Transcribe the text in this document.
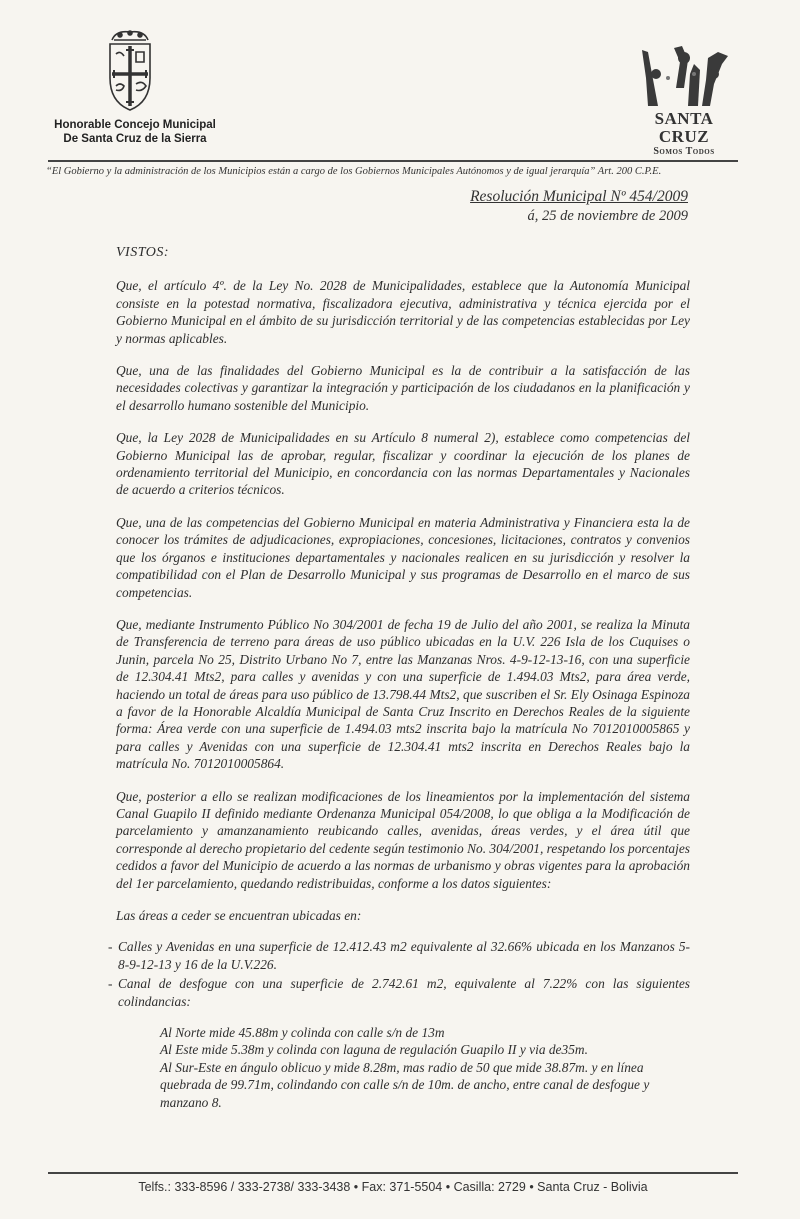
Honorable Concejo Municipal
De Santa Cruz de la Sierra
SANTA CRUZ
Somos Todos
“El Gobierno y la administración de los Municipios están a cargo de los Gobiernos Municipales Autónomos y de igual jerarquía” Art. 200 C.P.E.
Resolución Municipal Nº 454/2009
á, 25 de noviembre de 2009
VISTOS:

Que, el artículo 4º. de la Ley No. 2028 de Municipalidades, establece que la Autonomía Municipal consiste en la potestad normativa, fiscalizadora ejecutiva, administrativa y técnica ejercida por el Gobierno Municipal en el ámbito de su jurisdicción territorial y de las competencias establecidas por Ley y normas aplicables.

Que, una de las finalidades del Gobierno Municipal es la de contribuir a la satisfacción de las necesidades colectivas y garantizar la integración y participación de los ciudadanos en la planificación y el desarrollo humano sostenible del Municipio.

Que, la Ley 2028 de Municipalidades en su Artículo 8 numeral 2), establece como competencias del Gobierno Municipal las de aprobar, regular, fiscalizar y coordinar la ejecución de los planes de ordenamiento territorial del Municipio, en concordancia con las normas Departamentales y Nacionales de acuerdo a criterios técnicos.

Que, una de las competencias del Gobierno Municipal en materia Administrativa y Financiera esta la de conocer los trámites de adjudicaciones, expropiaciones, concesiones, licitaciones, contratos y convenios que los órganos e instituciones departamentales y nacionales realicen en su jurisdicción y resolver la compatibilidad con el Plan de Desarrollo Municipal y sus programas de Desarrollo en el marco de sus competencias.

Que, mediante Instrumento Público No 304/2001 de fecha 19 de Julio del año 2001, se realiza la Minuta de Transferencia de terreno para áreas de uso público ubicadas en la U.V. 226 Isla de los Cuquises o Junin, parcela No 25, Distrito Urbano No 7, entre las Manzanas Nros. 4-9-12-13-16, con una superficie de 12.304.41 Mts2, para calles y avenidas y con una superficie de 1.494.03 Mts2, para área verde, haciendo un total de áreas para uso público de 13.798.44 Mts2, que suscriben el Sr. Ely Osinaga Espinoza a favor de la Honorable Alcaldía Municipal de Santa Cruz Inscrito en Derechos Reales de la siguiente forma: Área verde con una superficie de 1.494.03 mts2 inscrita bajo la matrícula No 7012010005865 y para calles y Avenidas con una superficie de 12.304.41 mts2 inscrita en Derechos Reales bajo la matrícula No. 7012010005864.

Que, posterior a ello se realizan modificaciones de los lineamientos por la implementación del sistema Canal Guapilo II definido mediante Ordenanza Municipal 054/2008, lo que obliga a la Modificación de parcelamiento y amanzanamiento reubicando calles, avenidas, áreas verdes, y el área útil que corresponde al derecho propietario del cedente según testimonio No. 304/2001, respetando los porcentajes cedidos a favor del Municipio de acuerdo a las normas de urbanismo y obras vigentes para la aprobación del 1er parcelamiento, quedando redistribuidas, conforme a los datos siguientes:

Las áreas a ceder se encuentran ubicadas en:
- Calles y Avenidas en una superficie de 12.412.43 m2 equivalente al 32.66% ubicada en los Manzanos 5-8-9-12-13 y 16 de la U.V.226.
- Canal de desfogue con una superficie de 2.742.61 m2, equivalente al 7.22% con las siguientes colindancias:
Al Norte mide 45.88m y colinda con calle s/n de 13m
Al Este mide 5.38m y colinda con laguna de regulación Guapilo II y via de35m.
Al Sur-Este en ángulo oblicuo y mide 8.28m, mas radio de 50 que mide 38.87m. y en línea quebrada de 99.71m, colindando con calle s/n de 10m. de ancho, entre canal de desfogue y manzano 8.
Telfs.: 333-8596 / 333-2738/ 333-3438 • Fax: 371-5504 • Casilla: 2729 • Santa Cruz - Bolivia
